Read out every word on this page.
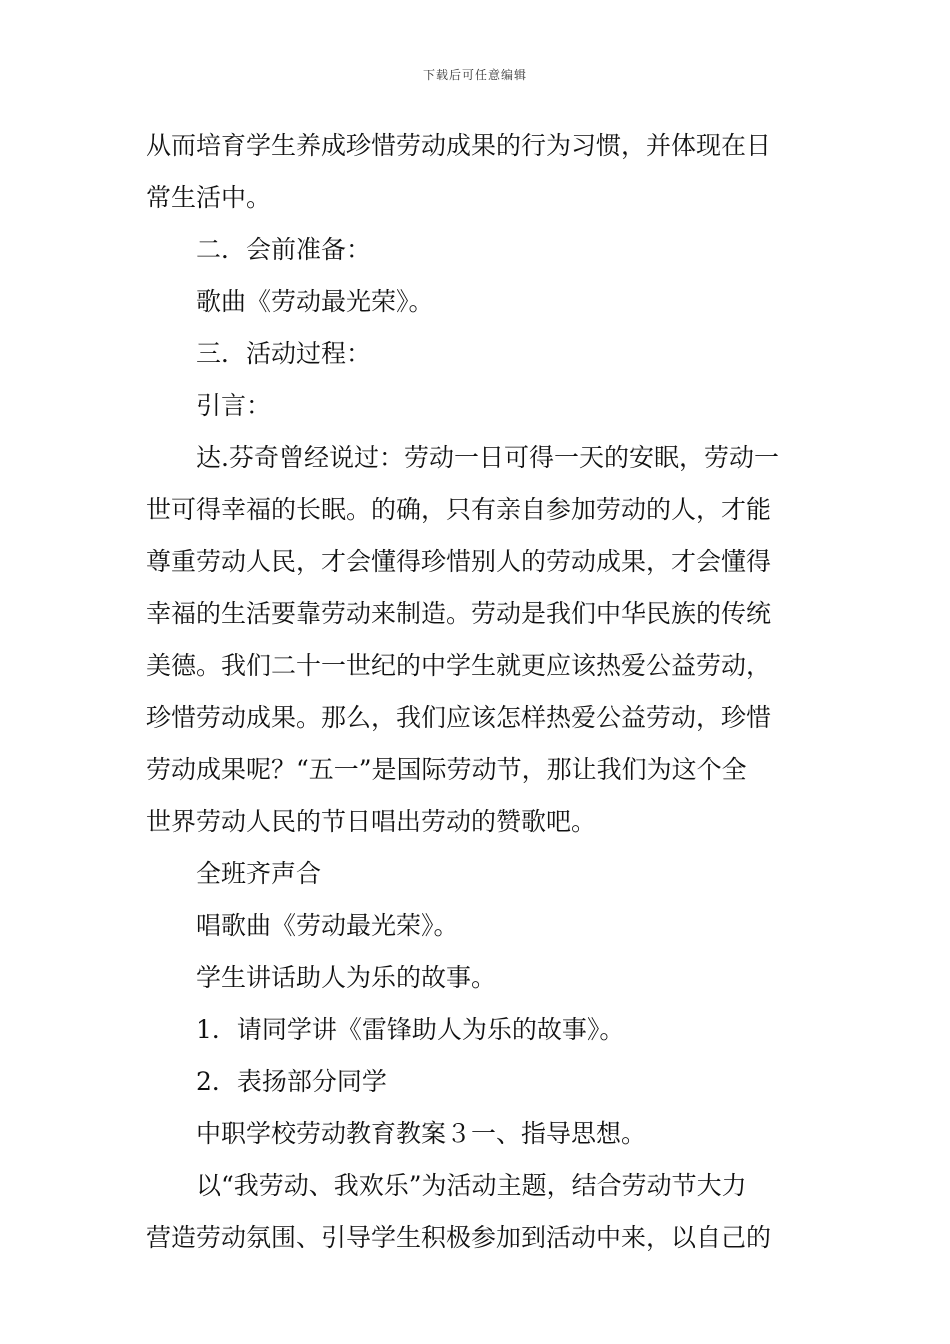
下载后可任意编辑
从而培育学生养成珍惜劳动成果的行为习惯，并体现在日
常生活中。
二．会前准备：
歌曲《劳动最光荣》。
三．活动过程：
引言：
达.芬奇曾经说过：劳动一日可得一天的安眠，劳动一
世可得幸福的长眠。的确，只有亲自参加劳动的人，才能
尊重劳动人民，才会懂得珍惜别人的劳动成果，才会懂得
幸福的生活要靠劳动来制造。劳动是我们中华民族的传统
美德。我们二十一世纪的中学生就更应该热爱公益劳动，
珍惜劳动成果。那么，我们应该怎样热爱公益劳动，珍惜
劳动成果呢？“五一”是国际劳动节，那让我们为这个全
世界劳动人民的节日唱出劳动的赞歌吧。
全班齐声合
唱歌曲《劳动最光荣》。
学生讲话助人为乐的故事。
1．请同学讲《雷锋助人为乐的故事》。
2．表扬部分同学
中职学校劳动教育教案３一、指导思想。
以“我劳动、我欢乐”为活动主题，结合劳动节大力
营造劳动氛围、引导学生积极参加到活动中来，以自己的
